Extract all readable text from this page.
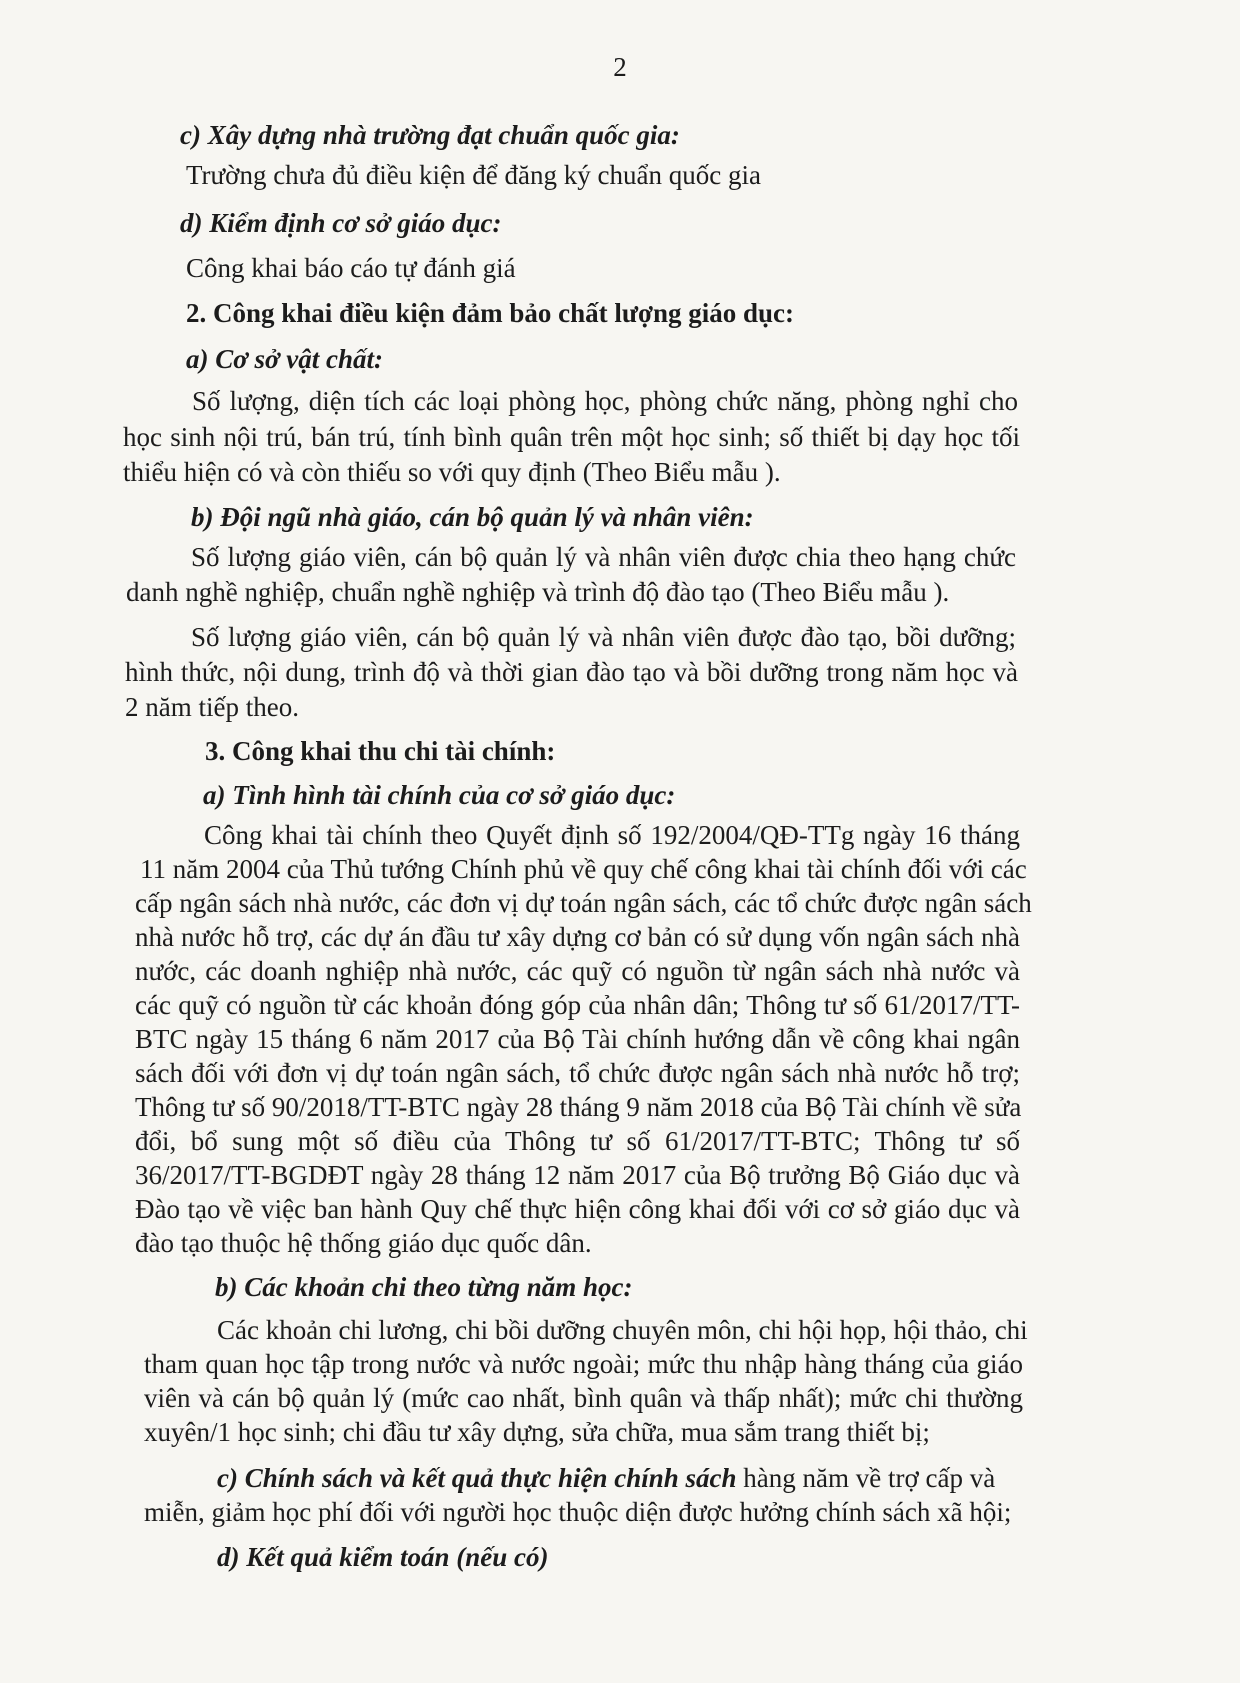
2
c) Xây dựng nhà trường đạt chuẩn quốc gia:
Trường chưa đủ điều kiện để đăng ký chuẩn quốc gia
d) Kiểm định cơ sở giáo dục:
Công khai báo cáo tự đánh giá
2. Công khai điều kiện đảm bảo chất lượng giáo dục:
a) Cơ sở vật chất:
Số lượng, diện tích các loại phòng học, phòng chức năng, phòng nghỉ cho
học sinh nội trú, bán trú, tính bình quân trên một học sinh; số thiết bị dạy học tối
thiểu hiện có và còn thiếu so với quy định (Theo Biểu mẫu ).
b) Đội ngũ nhà giáo, cán bộ quản lý và nhân viên:
Số lượng giáo viên, cán bộ quản lý và nhân viên được chia theo hạng chức
danh nghề nghiệp, chuẩn nghề nghiệp và trình độ đào tạo (Theo Biểu mẫu ).
Số lượng giáo viên, cán bộ quản lý và nhân viên được đào tạo, bồi dưỡng;
hình thức, nội dung, trình độ và thời gian đào tạo và bồi dưỡng trong năm học và
2 năm tiếp theo.
3. Công khai thu chi tài chính:
a) Tình hình tài chính của cơ sở giáo dục:
Công khai tài chính theo Quyết định số 192/2004/QĐ-TTg ngày 16 tháng
11 năm 2004 của Thủ tướng Chính phủ về quy chế công khai tài chính đối với các
cấp ngân sách nhà nước, các đơn vị dự toán ngân sách, các tổ chức được ngân sách
nhà nước hỗ trợ, các dự án đầu tư xây dựng cơ bản có sử dụng vốn ngân sách nhà
nước, các doanh nghiệp nhà nước, các quỹ có nguồn từ ngân sách nhà nước và
các quỹ có nguồn từ các khoản đóng góp của nhân dân; Thông tư số 61/2017/TT-
BTC ngày 15 tháng 6 năm 2017 của Bộ Tài chính hướng dẫn về công khai ngân
sách đối với đơn vị dự toán ngân sách, tổ chức được ngân sách nhà nước hỗ trợ;
Thông tư số 90/2018/TT-BTC ngày 28 tháng 9 năm 2018 của Bộ Tài chính về sửa
đổi, bổ sung một số điều của Thông tư số 61/2017/TT-BTC; Thông tư số
36/2017/TT-BGDĐT ngày 28 tháng 12 năm 2017 của Bộ trưởng Bộ Giáo dục và
Đào tạo về việc ban hành Quy chế thực hiện công khai đối với cơ sở giáo dục và
đào tạo thuộc hệ thống giáo dục quốc dân.
b) Các khoản chi theo từng năm học:
Các khoản chi lương, chi bồi dưỡng chuyên môn, chi hội họp, hội thảo, chi
tham quan học tập trong nước và nước ngoài; mức thu nhập hàng tháng của giáo
viên và cán bộ quản lý (mức cao nhất, bình quân và thấp nhất); mức chi thường
xuyên/1 học sinh; chi đầu tư xây dựng, sửa chữa, mua sắm trang thiết bị;
c) Chính sách và kết quả thực hiện chính sách hàng năm về trợ cấp và
miễn, giảm học phí đối với người học thuộc diện được hưởng chính sách xã hội;
d) Kết quả kiểm toán (nếu có)
